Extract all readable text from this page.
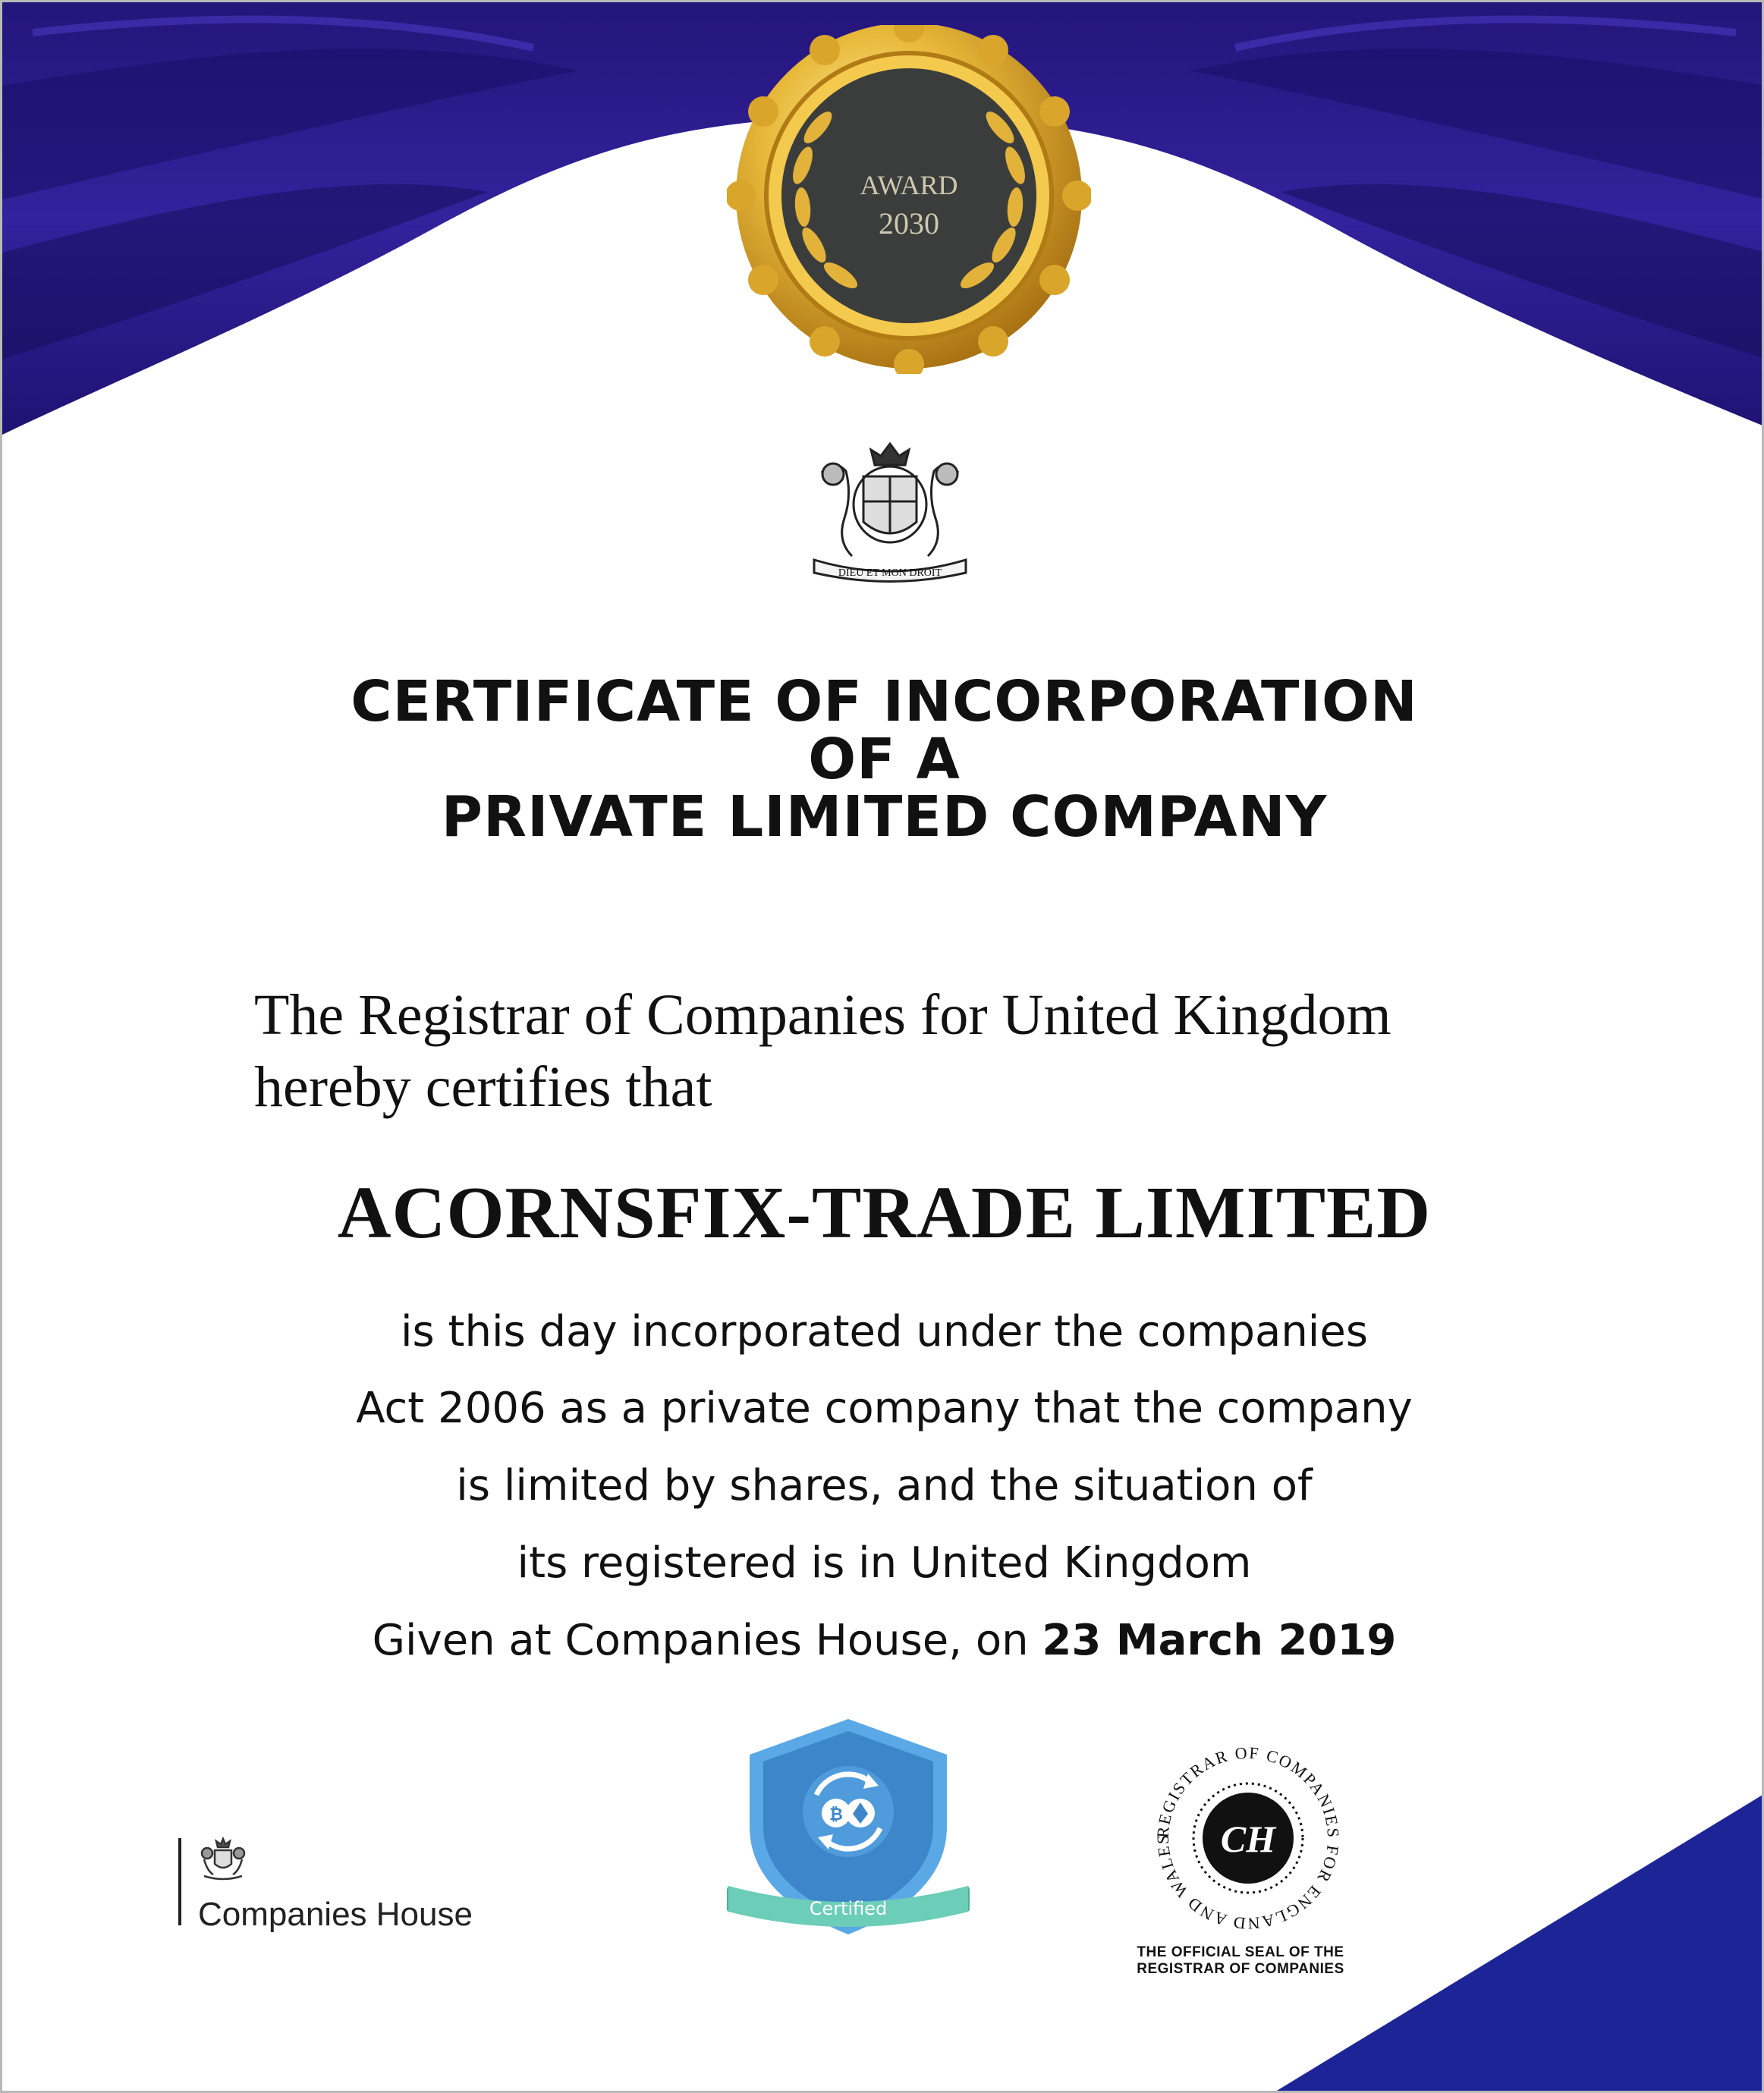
AWARD
2030
DIEU ET MON DROIT
CERTIFICATE OF INCORPORATION
OF A
PRIVATE LIMITED COMPANY
The Registrar of Companies for United Kingdom
hereby certifies that
ACORNSFIX-TRADE LIMITED
is this day incorporated under the companies
Act 2006 as a private company that the company
is limited by shares, and the situation of
its registered is in United Kingdom
Given at Companies House, on 23 March 2019
Companies House
₿
Certified
REGISTRAR OF COMPANIES FOR ENGLAND AND WALES	CH
THE OFFICIAL SEAL OF THE
REGISTRAR OF COMPANIES
